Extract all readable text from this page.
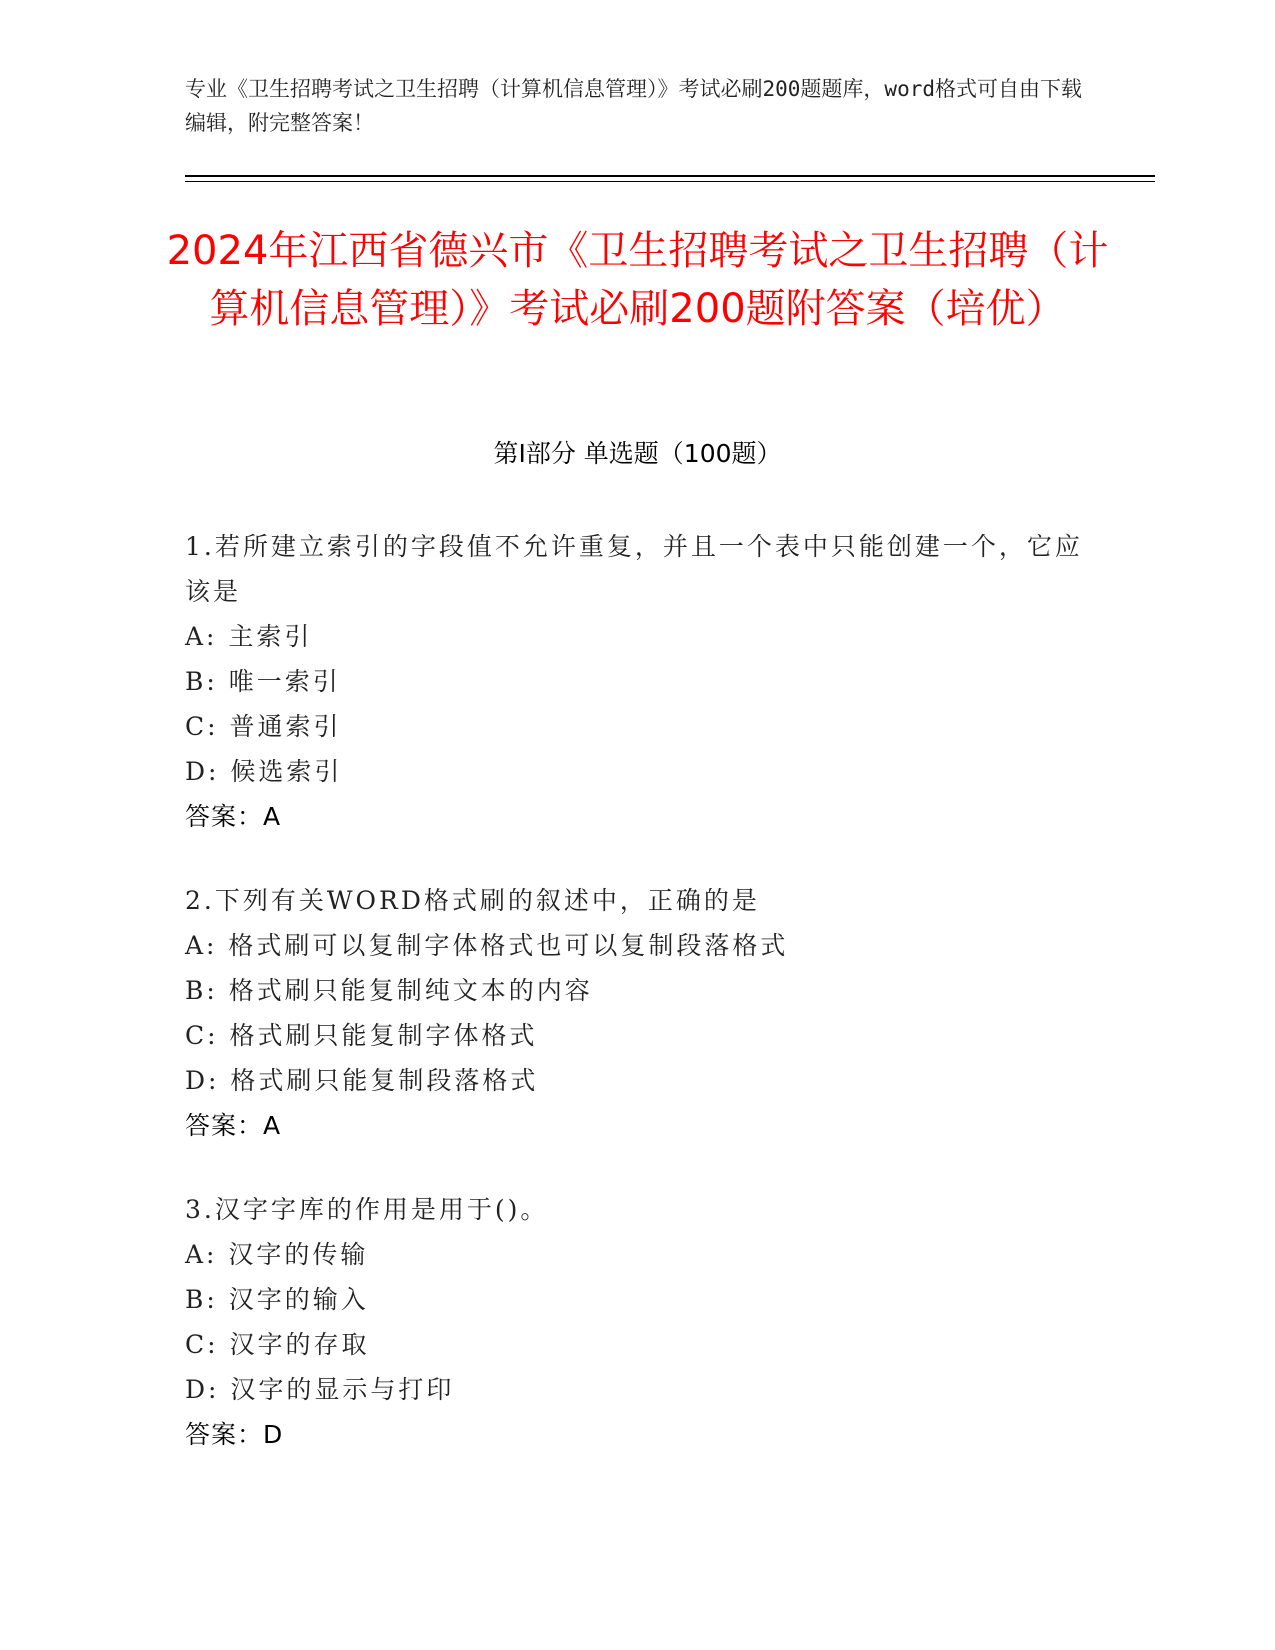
专业《卫生招聘考试之卫生招聘（计算机信息管理）》考试必刷200题题库，word格式可自由下载编辑，附完整答案！
2024年江西省德兴市《卫生招聘考试之卫生招聘（计算机信息管理）》考试必刷200题附答案（培优）
第Ⅰ部分 单选题（100题）
1.若所建立索引的字段值不允许重复，并且一个表中只能创建一个，它应该是
A: 主索引
B: 唯一索引
C: 普通索引
D: 候选索引
答案：A
2.下列有关WORD格式刷的叙述中，正确的是
A: 格式刷可以复制字体格式也可以复制段落格式
B: 格式刷只能复制纯文本的内容
C: 格式刷只能复制字体格式
D: 格式刷只能复制段落格式
答案：A
3.汉字字库的作用是用于()。
A: 汉字的传输
B: 汉字的输入
C: 汉字的存取
D: 汉字的显示与打印
答案：D
